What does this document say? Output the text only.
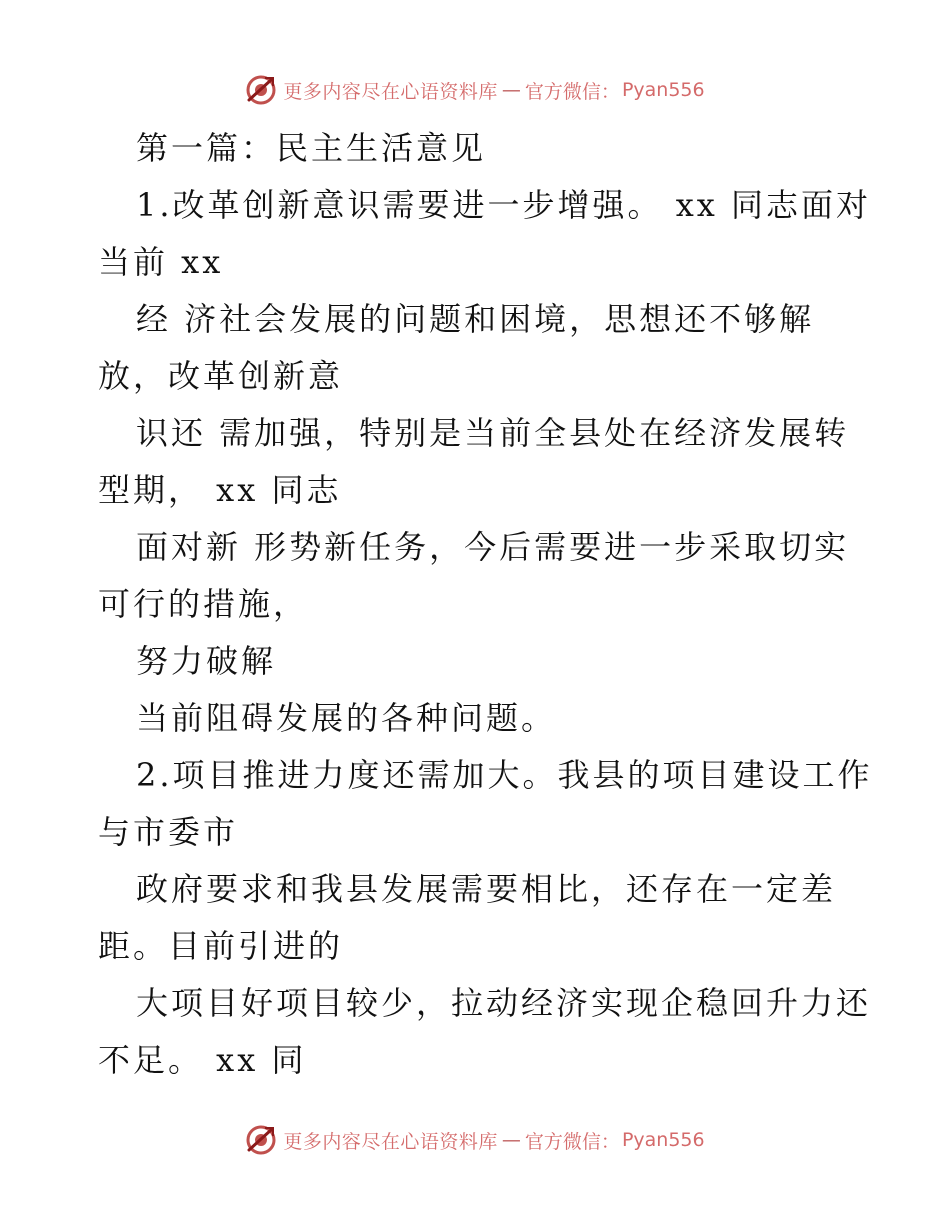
更多内容尽在心语资料库 — 官方微信： Pyan556
第一篇：民主生活意见
1.改革创新意识需要进一步增强。 xx 同志面对
当前 xx
经 济社会发展的问题和困境，思想还不够解
放，改革创新意
识还 需加强，特别是当前全县处在经济发展转
型期， xx 同志
面对新 形势新任务，今后需要进一步采取切实
可行的措施，
努力破解
当前阻碍发展的各种问题。
2.项目推进力度还需加大。我县的项目建设工作
与市委市
政府要求和我县发展需要相比，还存在一定差
距。目前引进的
大项目好项目较少，拉动经济实现企稳回升力还
不足。 xx 同
更多内容尽在心语资料库 — 官方微信： Pyan556
